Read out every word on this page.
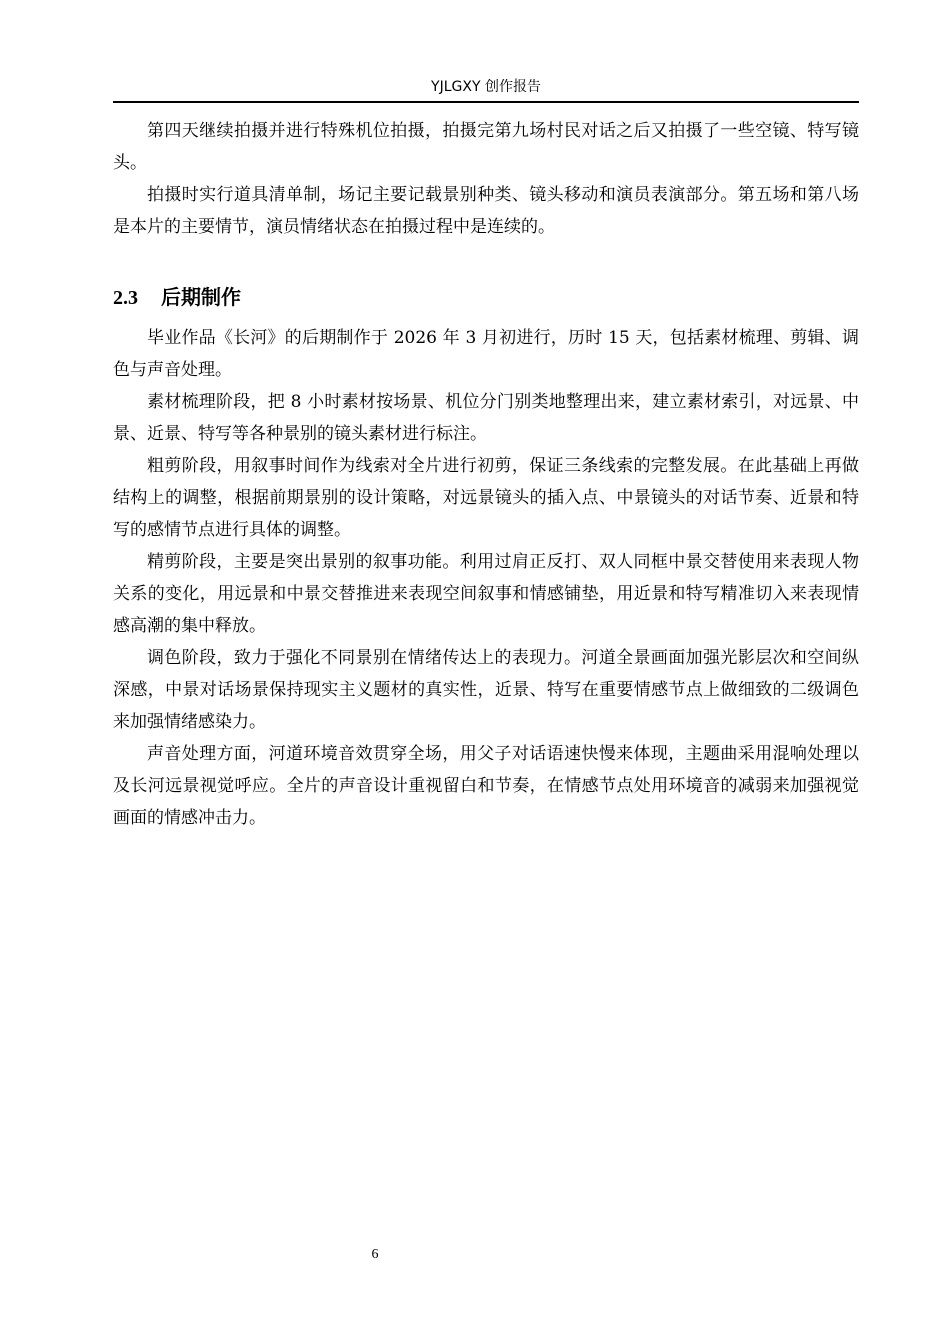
YJLGXY 创作报告

第四天继续拍摄并进行特殊机位拍摄，拍摄完第九场村民对话之后又拍摄了一些空镜、特写镜头。

拍摄时实行道具清单制，场记主要记载景别种类、镜头移动和演员表演部分。第五场和第八场是本片的主要情节，演员情绪状态在拍摄过程中是连续的。

2.3 后期制作

毕业作品《长河》的后期制作于 2026 年 3 月初进行，历时 15 天，包括素材梳理、剪辑、调色与声音处理。

素材梳理阶段，把 8 小时素材按场景、机位分门别类地整理出来，建立素材索引，对远景、中景、近景、特写等各种景别的镜头素材进行标注。

粗剪阶段，用叙事时间作为线索对全片进行初剪，保证三条线索的完整发展。在此基础上再做结构上的调整，根据前期景别的设计策略，对远景镜头的插入点、中景镜头的对话节奏、近景和特写的感情节点进行具体的调整。

精剪阶段，主要是突出景别的叙事功能。利用过肩正反打、双人同框中景交替使用来表现人物关系的变化，用远景和中景交替推进来表现空间叙事和情感铺垫，用近景和特写精准切入来表现情感高潮的集中释放。

调色阶段，致力于强化不同景别在情绪传达上的表现力。河道全景画面加强光影层次和空间纵深感，中景对话场景保持现实主义题材的真实性，近景、特写在重要情感节点上做细致的二级调色来加强情绪感染力。

声音处理方面，河道环境音效贯穿全场，用父子对话语速快慢来体现，主题曲采用混响处理以及长河远景视觉呼应。全片的声音设计重视留白和节奏，在情感节点处用环境音的减弱来加强视觉画面的情感冲击力。

6
